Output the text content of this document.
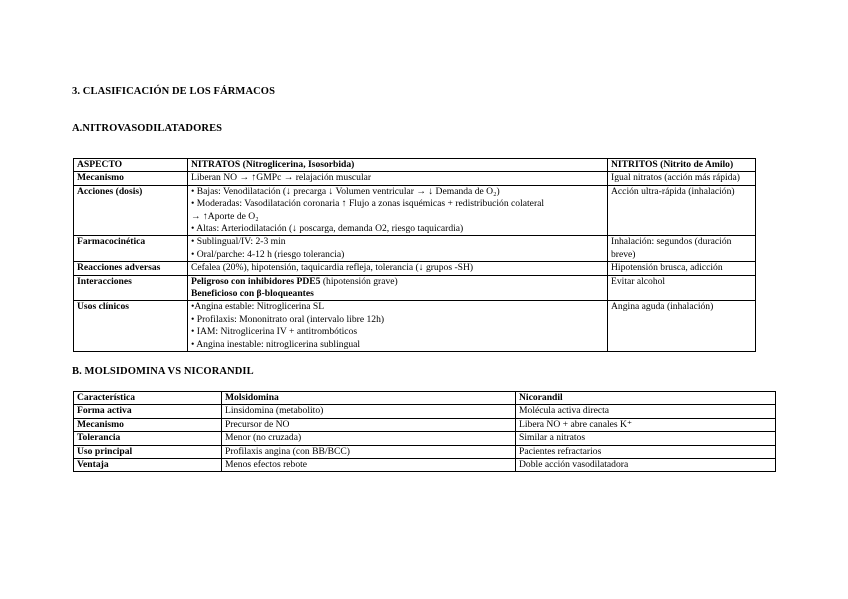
3. CLASIFICACIÓN DE LOS FÁRMACOS
A.NITROVASODILATADORES
ASPECTO	NITRATOS (Nitroglicerina, Isosorbida)	NITRITOS (Nitrito de Amilo)
Mecanismo	Liberan NO → ↑GMPc → relajación muscular	Igual nitratos (acción más rápida)

Acciones (dosis)	• Bajas: Venodilatación (↓ precarga ↓ Volumen ventricular → ↓ Demanda de O₂)
• Moderadas: Vasodilatación coronaria ↑ Flujo a zonas isquémicas + redistribución colateral
→ ↑Aporte de O₂
• Altas: Arteriodilatación (↓ poscarga, demanda O2, riesgo taquicardia)	Acción ultra-rápida (inhalación)

Farmacocinética	• Sublingual/IV: 2-3 min
• Oral/parche: 4-12 h (riesgo tolerancia)	Inhalación: segundos (duración
breve)

Reacciones adversas	Cefalea (20%), hipotensión, taquicardia refleja, tolerancia (↓ grupos -SH)	Hipotensión brusca, adicción

Interacciones	Peligroso con inhibidores PDE5 (hipotensión grave)
Beneficioso con β-bloqueantes	Evitar alcohol

Usos clínicos	•Angina estable: Nitroglicerina SL
• Profilaxis: Mononitrato oral (intervalo libre 12h)
• IAM: Nitroglicerina IV + antitrombóticos
• Angina inestable: nitroglicerina sublingual	Angina aguda (inhalación)
B. MOLSIDOMINA VS NICORANDIL
Característica	Molsidomina	Nicorandil
Forma activa	Linsidomina (metabolito)	Molécula activa directa
Mecanismo	Precursor de NO	Libera NO + abre canales K⁺
Tolerancia	Menor (no cruzada)	Similar a nitratos
Uso principal	Profilaxis angina (con BB/BCC)	Pacientes refractarios
Ventaja	Menos efectos rebote	Doble acción vasodilatadora
